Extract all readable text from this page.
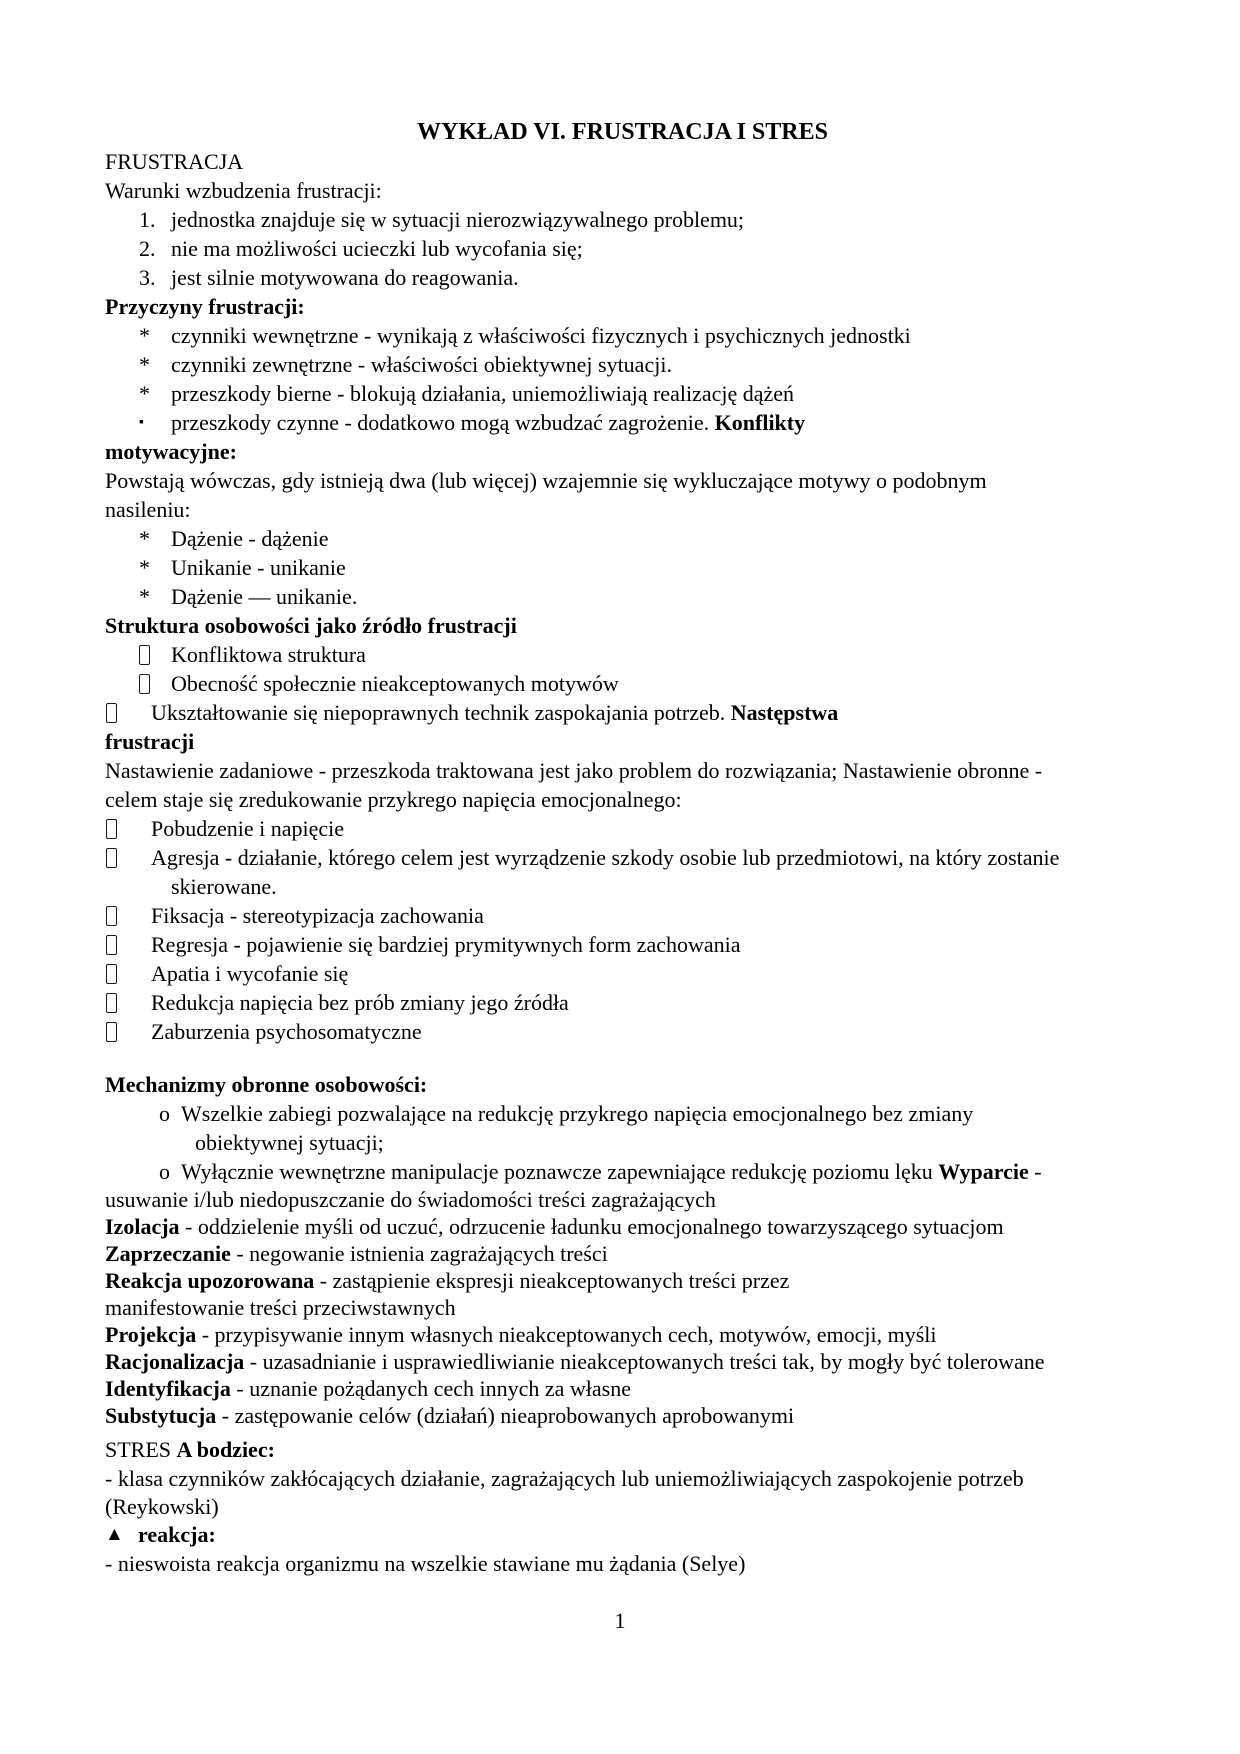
WYKŁAD VI. FRUSTRACJA I STRES
FRUSTRACJA
Warunki wzbudzenia frustracji:
1. jednostka znajduje się w sytuacji nierozwiązywalnego problemu;
2. nie ma możliwości ucieczki lub wycofania się;
3. jest silnie motywowana do reagowania.
Przyczyny frustracji:
* czynniki wewnętrzne - wynikają z właściwości fizycznych i psychicznych jednostki
* czynniki zewnętrzne - właściwości obiektywnej sytuacji.
* przeszkody bierne - blokują działania, uniemożliwiają realizację dążeń
▪ przeszkody czynne - dodatkowo mogą wzbudzać zagrożenie. Konflikty
motywacyjne:
Powstają wówczas, gdy istnieją dwa (lub więcej) wzajemnie się wykluczające motywy o podobnym
nasileniu:
* Dążenie - dążenie
* Unikanie - unikanie
* Dążenie — unikanie.
Struktura osobowości jako źródło frustracji
Konfliktowa struktura
Obecność społecznie nieakceptowanych motywów
Ukształtowanie się niepoprawnych technik zaspokajania potrzeb. Następstwa
frustracji
Nastawienie zadaniowe - przeszkoda traktowana jest jako problem do rozwiązania; Nastawienie obronne -
celem staje się zredukowanie przykrego napięcia emocjonalnego:
Pobudzenie i napięcie
Agresja - działanie, którego celem jest wyrządzenie szkody osobie lub przedmiotowi, na który zostanie
skierowane.
Fiksacja - stereotypizacja zachowania
Regresja - pojawienie się bardziej prymitywnych form zachowania
Apatia i wycofanie się
Redukcja napięcia bez prób zmiany jego źródła
Zaburzenia psychosomatyczne
Mechanizmy obronne osobowości:
o Wszelkie zabiegi pozwalające na redukcję przykrego napięcia emocjonalnego bez zmiany
obiektywnej sytuacji;
o Wyłącznie wewnętrzne manipulacje poznawcze zapewniające redukcję poziomu lęku Wyparcie -
usuwanie i/lub niedopuszczanie do świadomości treści zagrażających
Izolacja - oddzielenie myśli od uczuć, odrzucenie ładunku emocjonalnego towarzyszącego sytuacjom
Zaprzeczanie - negowanie istnienia zagrażających treści
Reakcja upozorowana - zastąpienie ekspresji nieakceptowanych treści przez
manifestowanie treści przeciwstawnych
Projekcja - przypisywanie innym własnych nieakceptowanych cech, motywów, emocji, myśli
Racjonalizacja - uzasadnianie i usprawiedliwianie nieakceptowanych treści tak, by mogły być tolerowane
Identyfikacja - uznanie pożądanych cech innych za własne
Substytucja - zastępowanie celów (działań) nieaprobowanych aprobowanymi
STRES A bodziec:
- klasa czynników zakłócających działanie, zagrażających lub uniemożliwiających zaspokojenie potrzeb
(Reykowski)
▲ reakcja:
- nieswoista reakcja organizmu na wszelkie stawiane mu żądania (Selye)
1
